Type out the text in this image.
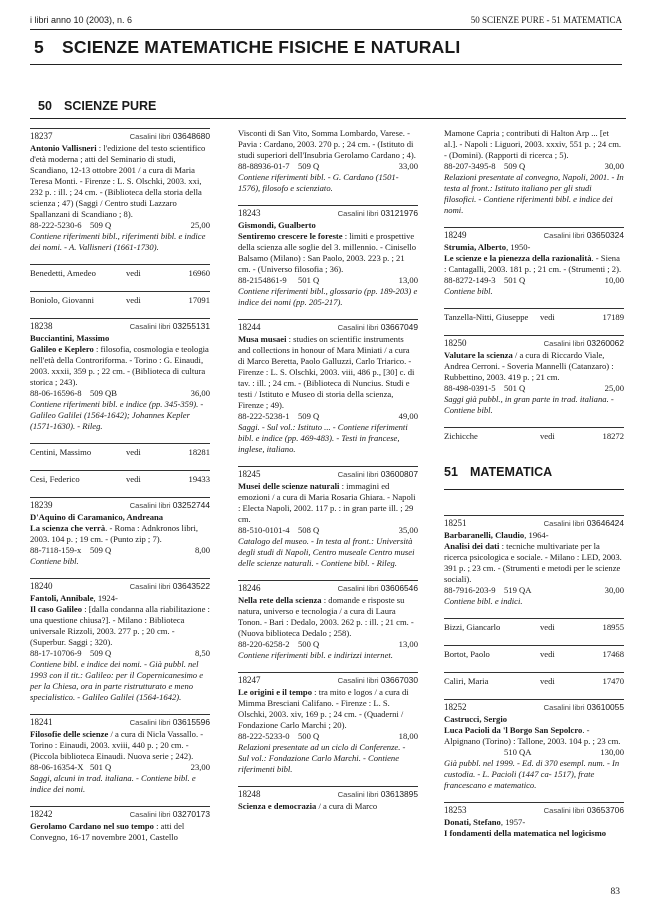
i libri anno 10 (2003), n. 6	50 SCIENZE PURE - 51 MATEMATICA
5 SCIENZE MATEMATICHE FISICHE E NATURALI
50 SCIENZE PURE
18237	Casalini libri 03648680

Antonio Vallisneri : l'edizione del testo scientifico d'età moderna ; atti del Seminario di studi, Scandiano, 12-13 ottobre 2001 / a cura di Maria Teresa Monti. - Firenze : L. S. Olschki, 2003. xxi, 232 p. : ill. ; 24 cm. - (Biblioteca della storia della scienza ; 47) (Saggi / Centro studi Lazzaro Spallanzani di Scandiano ; 8).

88-222-5230-6 509 Q	25,00

Contiene riferimenti bibl., riferimenti bibl. e indice dei nomi. - A. Vallisneri (1661-1730).

Benedetti, Amedeo	vedi	16960
Boniolo, Giovanni	vedi	17091
18238	Casalini libri 03255131

Bucciantini, Massimo
Galileo e Keplero : filosofia, cosmologia e teologia nell'età della Controriforma. - Torino : G. Einaudi, 2003. xxxii, 359 p. ; 22 cm. - (Biblioteca di cultura storica ; 243).

88-06-16596-8 509 QB	36,00

Contiene riferimenti bibl. e indice (pp. 345-359). - Galileo Galilei (1564-1642); Johannes Kepler (1571-1630). - Rileg.

Centini, Massimo	vedi	18281
Cesi, Federico	vedi	19433
18239	Casalini libri 03252744

D'Aquino di Caramanico, Andreana
La scienza che verrà. - Roma : Adnkronos libri, 2003. 104 p. ; 19 cm. - (Punto zip ; 7).

88-7118-159-x	509 Q	8,00

Contiene bibl.

18240	Casalini libri 03643522

Fantoli, Annibale, 1924-
Il caso Galileo : [dalla condanna alla riabilitazione : una questione chiusa?]. - Milano : Biblioteca universale Rizzoli, 2003. 277 p. ; 20 cm. - (Superbur. Saggi ; 320).

88-17-10706-9 509 Q	8,50

Contiene bibl. e indice dei nomi. - Già pubbl. nel 1993 con il tit.: Galileo: per il Copernicanesimo e per la Chiesa, ora in parte ristrutturato e meno specialistico. - Galileo Galilei (1564-1642).

18241	Casalini libri 03615596

Filosofie delle scienze / a cura di Nicla Vassallo. - Torino : Einaudi, 2003. xviii, 440 p. ; 20 cm. - (Piccola biblioteca Einaudi. Nuova serie ; 242).

88-06-16354-X 501 Q	23,00

Saggi, alcuni in trad. italiana. - Contiene bibl. e indice dei nomi.

18242	Casalini libri 03270173

Gerolamo Cardano nel suo tempo : atti del Convegno, 16-17 novembre 2001, Castello

Visconti di San Vito, Somma Lombardo, Varese. - Pavia : Cardano, 2003. 270 p. ; 24 cm. - (Istituto di studi superiori dell'Insubria Gerolamo Cardano ; 4).

88-88936-01-7 509 Q	33,00

Contiene riferimenti bibl. - G. Cardano (1501-1576), filosofo e scienziato.

18243	Casalini libri 03121976

Gismondi, Gualberto
Sentiremo crescere le foreste : limiti e prospettive della scienza alle soglie del 3. millennio. - Cinisello Balsamo (Milano) : San Paolo, 2003. 223 p. ; 21 cm. - (Universo filosofia ; 36).

88-2154861-9	501 Q	13,00

Contiene riferimenti bibl., glossario (pp. 189-203) e indice dei nomi (pp. 205-217).

18244	Casalini libri 03667049

Musa musaei : studies on scientific instruments and collections in honour of Mara Miniati / a cura di Marco Beretta, Paolo Galluzzi, Carlo Triarico. - Firenze : L. S. Olschki, 2003. viii, 486 p., [30] c. di tav. : ill. ; 24 cm. - (Biblioteca di Nuncius. Studi e testi / Istituto e Museo di storia della scienza, Firenze ; 49).

88-222-5238-1 509 Q	49,00

Saggi. - Sul vol.: Istituto ... - Contiene riferimenti bibl. e indice (pp. 469-483). - Testi in francese, inglese, italiano.

18245	Casalini libri 03600807

Musei delle scienze naturali : immagini ed emozioni / a cura di Maria Rosaria Ghiara. - Napoli : Electa Napoli, 2002. 117 p. : in gran parte ill. ; 29 cm.

88-510-0101-4 508 Q	35,00

Catalogo del museo. - In testa al front.: Università degli studi di Napoli, Centro museale Centro musei delle scienze naturali. - Contiene bibl. - Rileg.

18246	Casalini libri 03606546

Nella rete della scienza : domande e risposte su natura, universo e tecnologia / a cura di Laura Tonon. - Bari : Dedalo, 2003. 262 p. : ill. ; 21 cm. - (Nuova biblioteca Dedalo ; 258).

88-220-6258-2 500 Q	13,00

Contiene riferimenti bibl. e indirizzi internet.

18247	Casalini libri 03667030

Le origini e il tempo : tra mito e logos / a cura di Mimma Bresciani Califano. - Firenze : L. S. Olschki, 2003. xiv, 169 p. ; 24 cm. - (Quaderni / Fondazione Carlo Marchi ; 20).

88-222-5233-0 500 Q	18,00

Relazioni presentate ad un ciclo di Conferenze. - Sul vol.: Fondazione Carlo Marchi. - Contiene riferimenti bibl.

18248	Casalini libri 03613895

Scienza e democrazia / a cura di Marco

Mamone Capria ; contributi di Halton Arp ... [et al.]. - Napoli : Liguori, 2003. xxxiv, 551 p. ; 24 cm. - (Domini). (Rapporti di ricerca ; 5).

88-207-3495-8 509 Q	30,00

Relazioni presentate al convegno, Napoli, 2001. - In testa al front.: Istituto italiano per gli studi filosofici. - Contiene riferimenti bibl. e indice dei nomi.

18249	Casalini libri 03650324

Strumia, Alberto, 1950-
Le scienze e la pienezza della razionalità. - Siena : Cantagalli, 2003. 181 p. ; 21 cm. - (Strumenti ; 2).

88-8272-149-3 501 Q	10,00

Contiene bibl.

Tanzella-Nitti, Giuseppe	vedi	17189
18250	Casalini libri 03260062

Valutare la scienza / a cura di Riccardo Viale, Andrea Cerroni. - Soveria Mannelli (Catanzaro) : Rubbettino, 2003. 419 p. ; 21 cm.

88-498-0391-5 501 Q	25,00

Saggi già pubbl., in gran parte in trad. italiana. - Contiene bibl.

Zichicche	vedi	18272
51 MATEMATICA
18251	Casalini libri 03646424

Barbaranelli, Claudio, 1964-
Analisi dei dati : tecniche multivariate per la ricerca psicologica e sociale. - Milano : LED, 2003. 391 p. ; 23 cm. - (Strumenti e metodi per le scienze sociali).

88-7916-203-9 519 QA	30,00

Contiene bibl. e indici.

Bizzi, Giancarlo	vedi	18955
Bortot, Paolo	vedi	17468
Caliri, Maria	vedi	17470
18252	Casalini libri 03610055

Castrucci, Sergio
Luca Pacioli da 'l Borgo San Sepolcro. - Alpignano (Torino) : Tallone, 2003. 104 p. ; 23 cm.

510 QA	130,00

Già pubbl. nel 1999. - Ed. di 370 esempl. num. - In custodia. - L. Pacioli (1447 ca- 1517), frate francescano e matematico.

18253	Casalini libri 03653706

Donati, Stefano, 1957-
I fondamenti della matematica nel logicismo

83
